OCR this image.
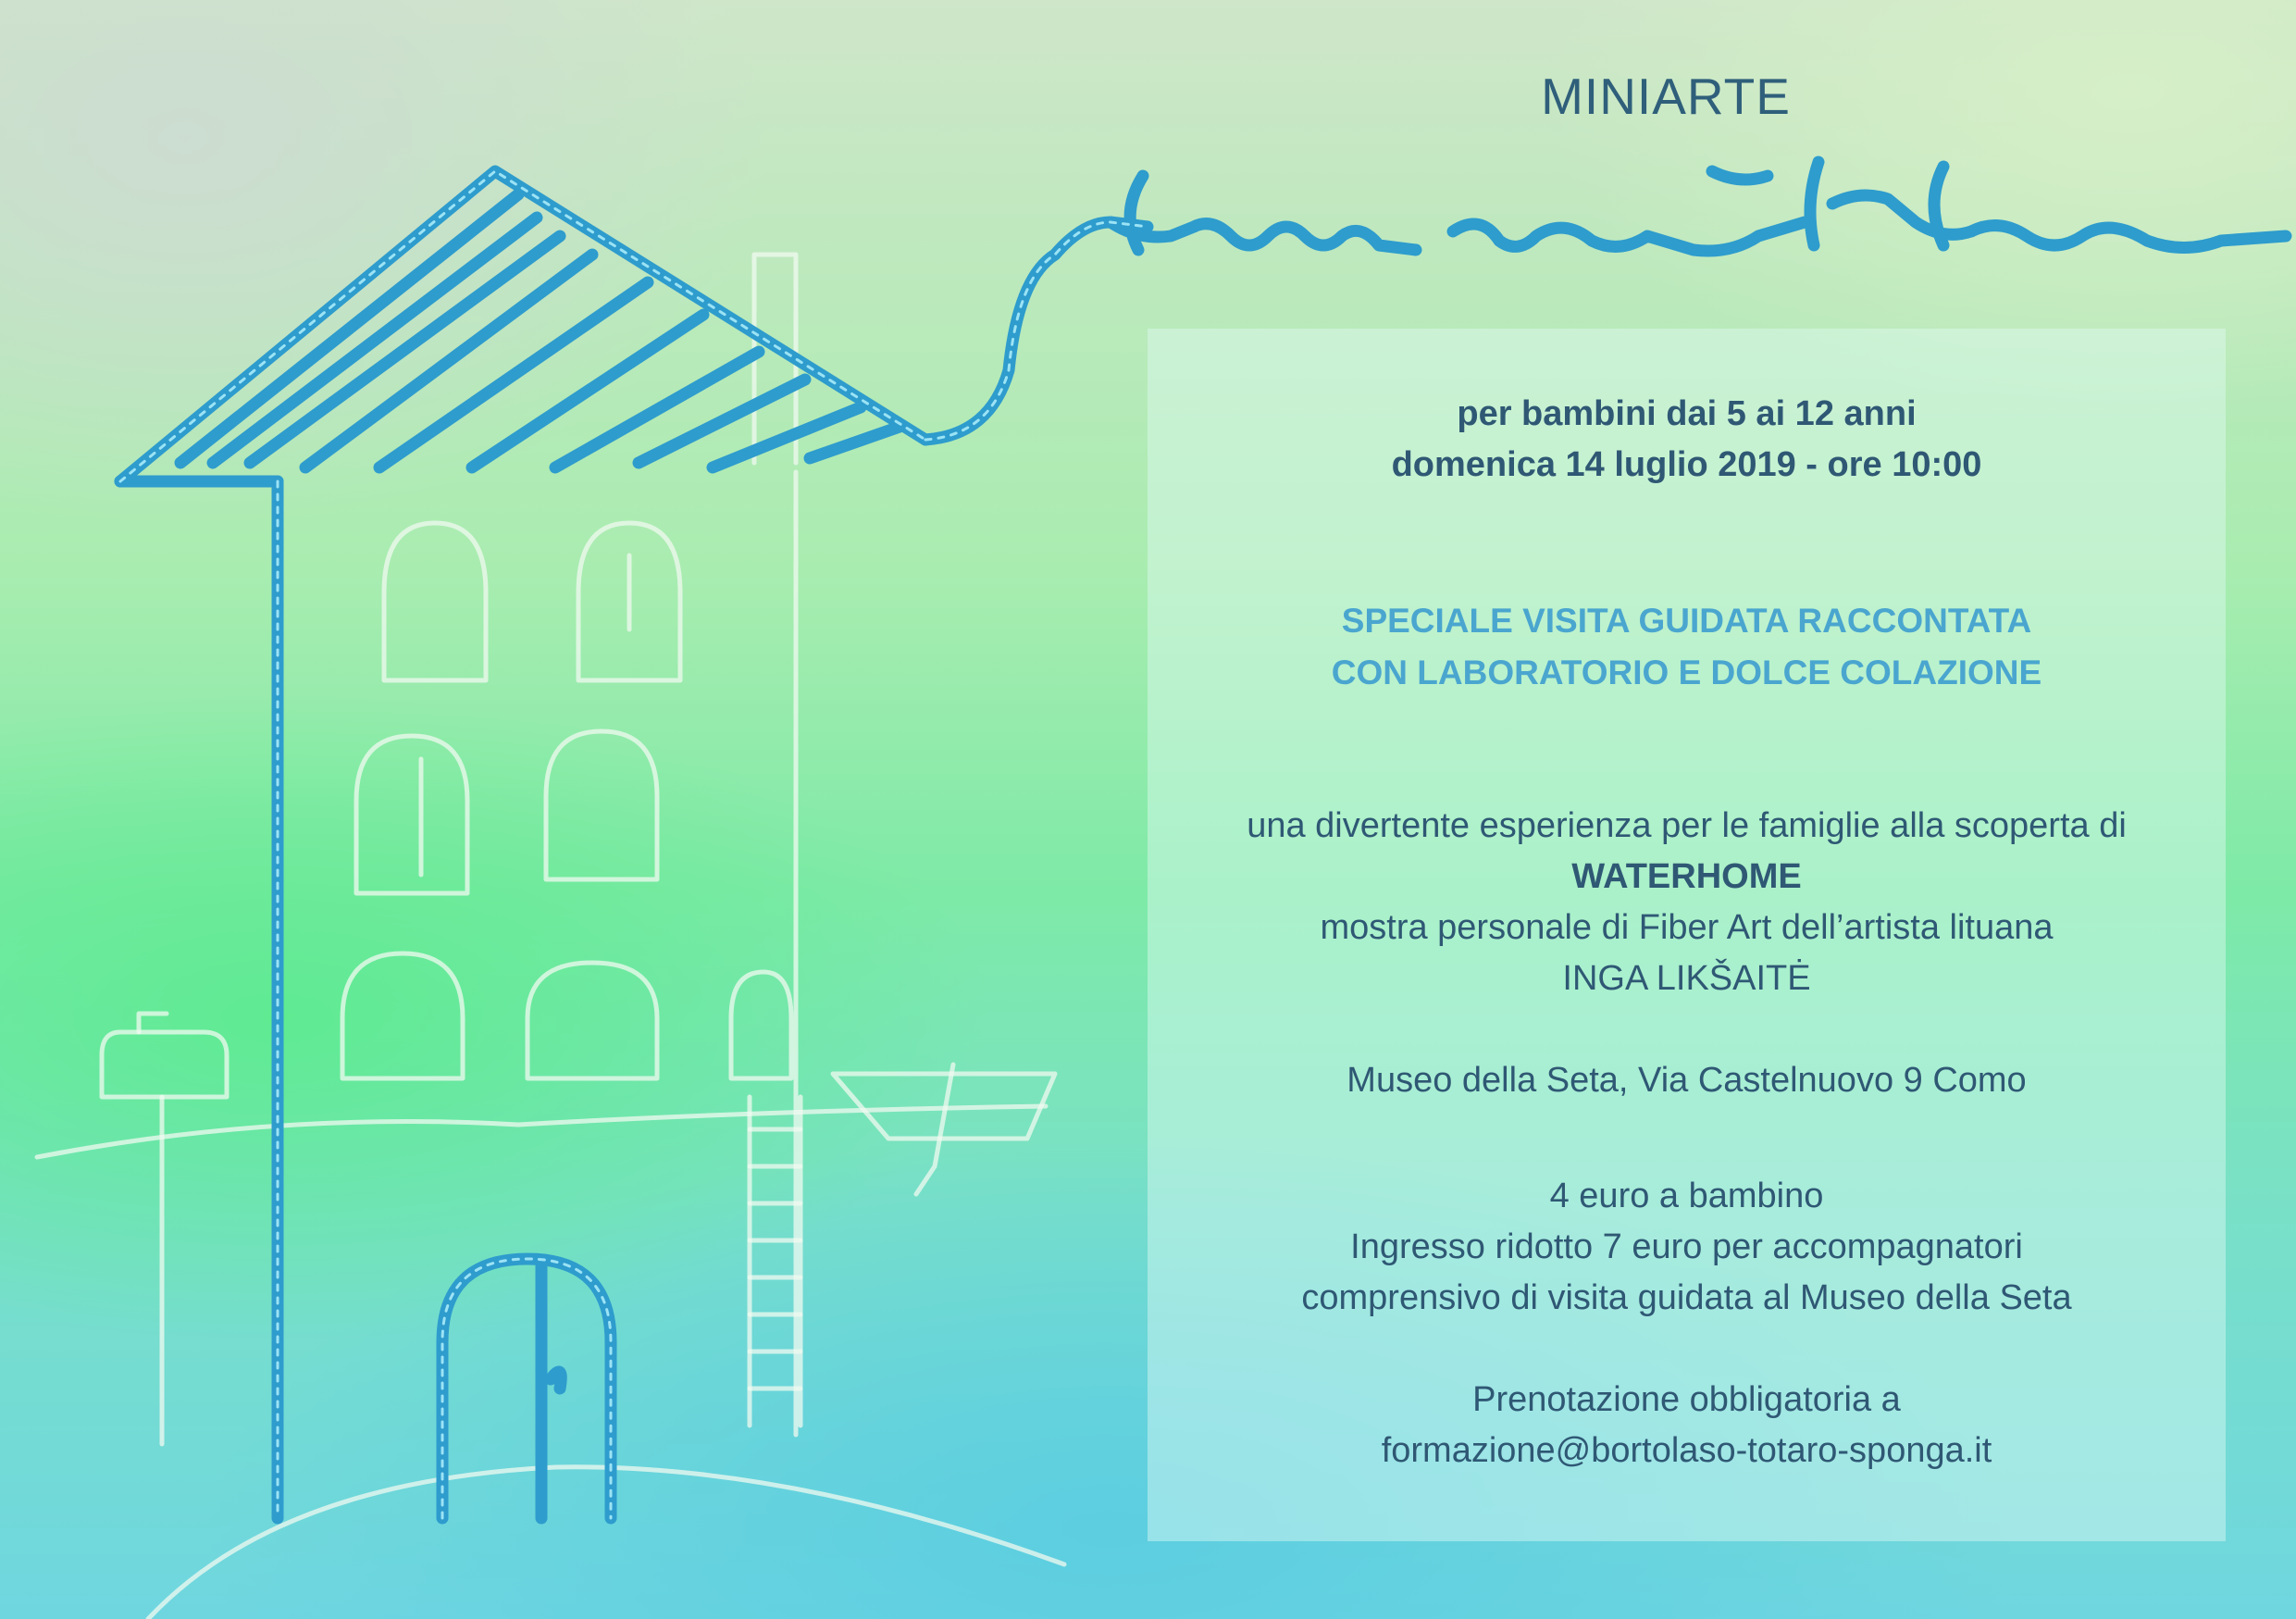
home sweet home
MINIARTE

per bambini dai 5 ai 12 anni

domenica 14 luglio 2019 - ore 10:00

SPECIALE VISITA GUIDATA RACCONTATA

CON LABORATORIO E DOLCE COLAZIONE

una divertente esperienza per le famiglie alla scoperta di

WATERHOME

mostra personale di Fiber Art dell’artista lituana

INGA LIKŠAITĖ

Museo della Seta, Via Castelnuovo 9 Como

4 euro a bambino

Ingresso ridotto 7 euro per accompagnatori

comprensivo di visita guidata al Museo della Seta

Prenotazione obbligatoria a

formazione@bortolaso-totaro-sponga.it
